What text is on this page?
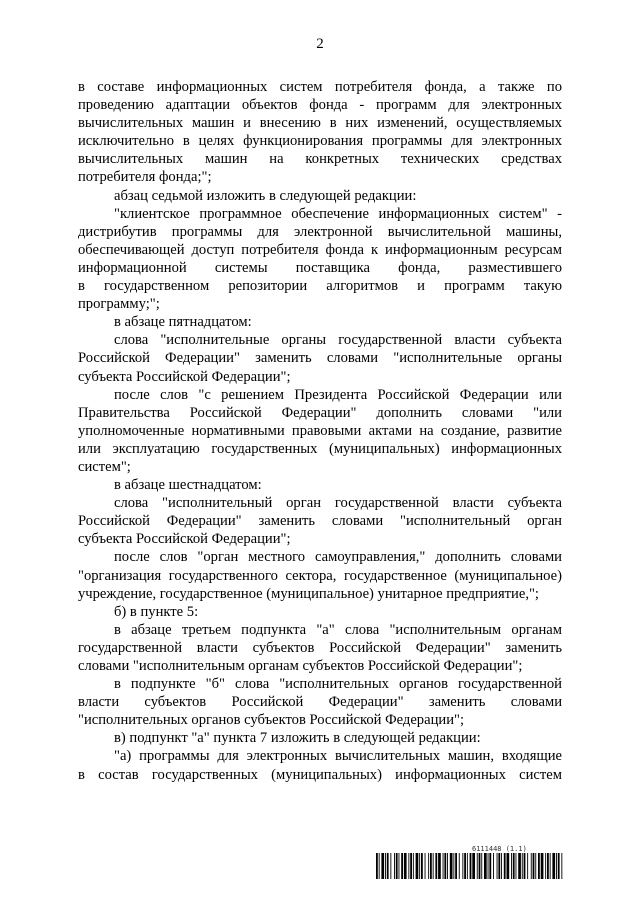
2
в составе информационных систем потребителя фонда, а также по
проведению адаптации объектов фонда - программ для электронных
вычислительных машин и внесению в них изменений, осуществляемых
исключительно в целях функционирования программы для электронных
вычислительных машин на конкретных технических средствах
потребителя фонда;";
абзац седьмой изложить в следующей редакции:
"клиентское программное обеспечение информационных систем" -
дистрибутив программы для электронной вычислительной машины,
обеспечивающей доступ потребителя фонда к информационным ресурсам
информационной системы поставщика фонда, разместившего
в государственном репозитории алгоритмов и программ такую
программу;";
в абзаце пятнадцатом:
слова "исполнительные органы государственной власти субъекта
Российской Федерации" заменить словами "исполнительные органы
субъекта Российской Федерации";
после слов "с решением Президента Российской Федерации или
Правительства Российской Федерации" дополнить словами "или
уполномоченные нормативными правовыми актами на создание, развитие
или эксплуатацию государственных (муниципальных) информационных
систем";
в абзаце шестнадцатом:
слова "исполнительный орган государственной власти субъекта
Российской Федерации" заменить словами "исполнительный орган
субъекта Российской Федерации";
после слов "орган местного самоуправления," дополнить словами
"организация государственного сектора, государственное (муниципальное)
учреждение, государственное (муниципальное) унитарное предприятие,";
б) в пункте 5:
в абзаце третьем подпункта "а" слова "исполнительным органам
государственной власти субъектов Российской Федерации" заменить
словами "исполнительным органам субъектов Российской Федерации";
в подпункте "б" слова "исполнительных органов государственной
власти субъектов Российской Федерации" заменить словами
"исполнительных органов субъектов Российской Федерации";
в) подпункт "а" пункта 7 изложить в следующей редакции:
"а) программы для электронных вычислительных машин, входящие
в состав государственных (муниципальных) информационных систем
6111448 (1.1)
